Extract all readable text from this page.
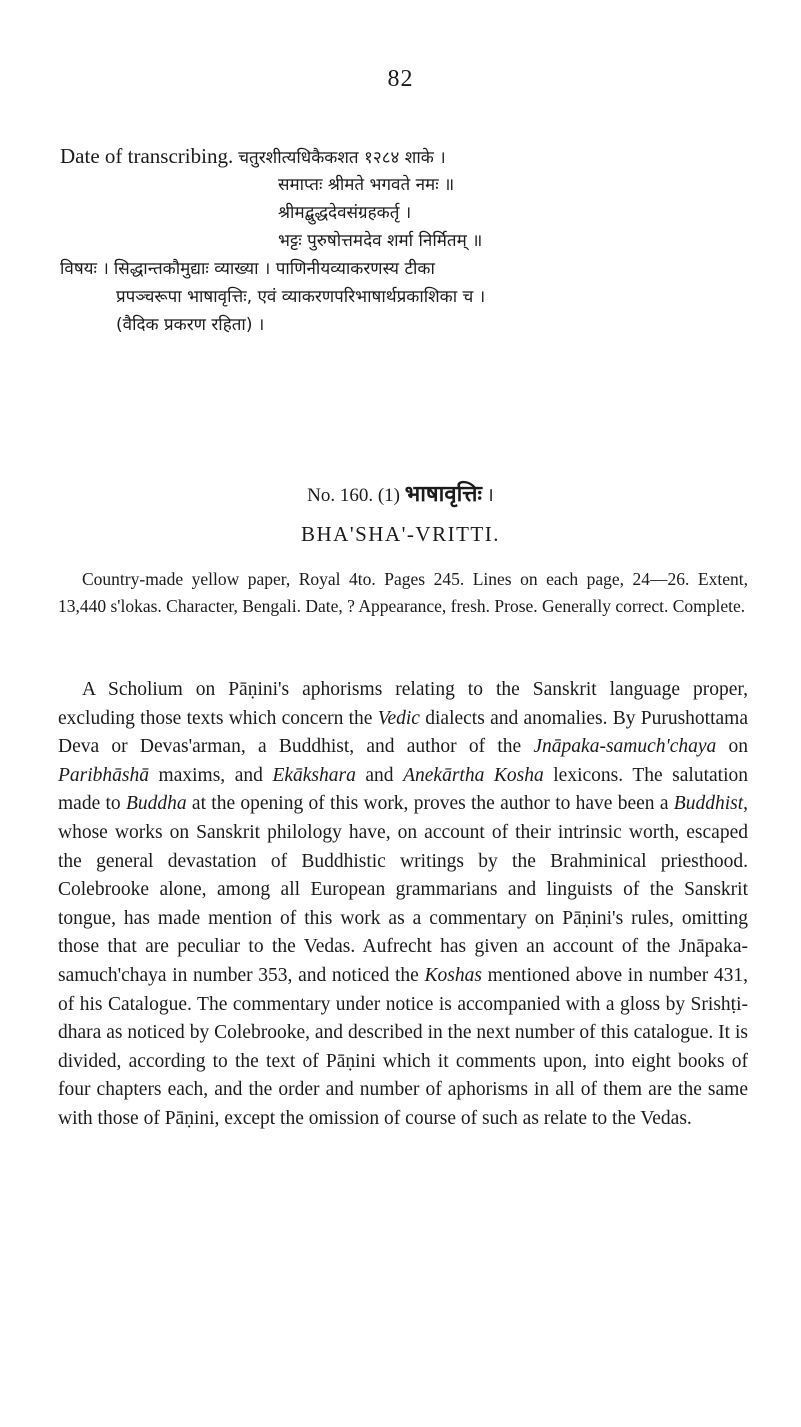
82
Date of transcribing. चतुरशीत्यधिकैकशत १२८४ शाके ।
समाप्तः श्रीमते भगवते नमः ॥
श्रीमद्बुद्धदेवसंग्रहकर्तृ ।
भट्टः पुरुषोत्तमदेव शर्मा निर्मितम् ॥
विषयः । सिद्धान्तकौमुद्याः व्याख्या । पाणिनीयव्याकरणस्य टीका
प्रपञ्चरूपा भाषावृत्तिः, एवं व्याकरणपरिभाषार्थप्रकाशिका च ।
(वैदिक प्रकरण रहिता) ।
No. 160. (1) भाषावृत्तिः ।
BHA'SHA'-VRITTI.

Country-made yellow paper, Royal 4to. Pages 245. Lines on each page, 24—26. Extent, 13,440 s'lokas. Character, Bengali. Date, ? Appearance, fresh. Prose. Generally correct. Complete.

A Scholium on Pāṇini's aphorisms relating to the Sanskrit language proper, excluding those texts which concern the Vedic dialects and anomalies. By Purushottama Deva or Devas'arman, a Buddhist, and author of the Jnāpaka-samuch'chaya on Paribhāshā maxims, and Ekākshara and Anekārtha Kosha lexicons. The salutation made to Buddha at the opening of this work, proves the author to have been a Buddhist, whose works on Sanskrit philology have, on account of their intrinsic worth, escaped the general devastation of Buddhistic writings by the Brahminical priesthood. Colebrooke alone, among all European grammarians and linguists of the Sanskrit tongue, has made mention of this work as a commentary on Pāṇini's rules, omitting those that are peculiar to the Vedas. Aufrecht has given an account of the Jnāpaka-samuch'chaya in number 353, and noticed the Koshas mentioned above in number 431, of his Catalogue. The commentary under notice is accompanied with a gloss by Srishṭi-dhara as noticed by Colebrooke, and described in the next number of this catalogue. It is divided, according to the text of Pāṇini which it comments upon, into eight books of four chapters each, and the order and number of aphorisms in all of them are the same with those of Pāṇini, except the omission of course of such as relate to the Vedas.
